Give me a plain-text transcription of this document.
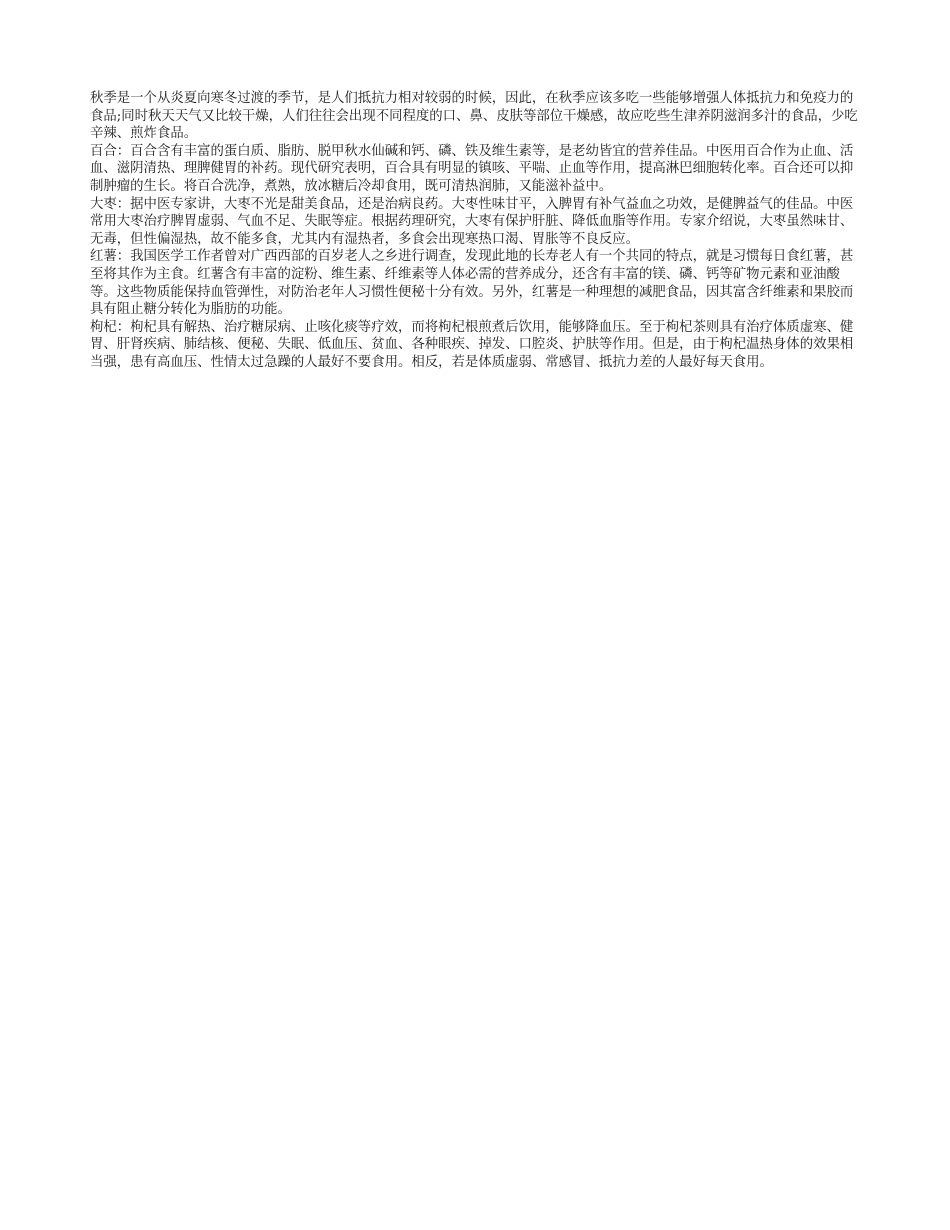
秋季是一个从炎夏向寒冬过渡的季节，是人们抵抗力相对较弱的时候，因此，在秋季应该多吃一些能够增强人体抵抗力和免疫力的食品;同时秋天天气又比较干燥，人们往往会出现不同程度的口、鼻、皮肤等部位干燥感，故应吃些生津养阴滋润多汁的食品，少吃辛辣、煎炸食品。

百合：百合含有丰富的蛋白质、脂肪、脱甲秋水仙碱和钙、磷、铁及维生素等，是老幼皆宜的营养佳品。中医用百合作为止血、活血、滋阴清热、理脾健胃的补药。现代研究表明，百合具有明显的镇咳、平喘、止血等作用，提高淋巴细胞转化率。百合还可以抑制肿瘤的生长。将百合洗净，煮熟，放冰糖后冷却食用，既可清热润肺，又能滋补益中。

大枣：据中医专家讲，大枣不光是甜美食品，还是治病良药。大枣性味甘平，入脾胃有补气益血之功效，是健脾益气的佳品。中医常用大枣治疗脾胃虚弱、气血不足、失眠等症。根据药理研究，大枣有保护肝脏、降低血脂等作用。专家介绍说，大枣虽然味甘、无毒，但性偏湿热，故不能多食，尤其内有湿热者，多食会出现寒热口渴、胃胀等不良反应。

红薯：我国医学工作者曾对广西西部的百岁老人之乡进行调查，发现此地的长寿老人有一个共同的特点，就是习惯每日食红薯，甚至将其作为主食。红薯含有丰富的淀粉、维生素、纤维素等人体必需的营养成分，还含有丰富的镁、磷、钙等矿物元素和亚油酸等。这些物质能保持血管弹性，对防治老年人习惯性便秘十分有效。另外，红薯是一种理想的减肥食品，因其富含纤维素和果胶而具有阻止糖分转化为脂肪的功能。

枸杞：枸杞具有解热、治疗糖尿病、止咳化痰等疗效，而将枸杞根煎煮后饮用，能够降血压。至于枸杞茶则具有治疗体质虚寒、健胃、肝肾疾病、肺结核、便秘、失眠、低血压、贫血、各种眼疾、掉发、口腔炎、护肤等作用。但是，由于枸杞温热身体的效果相当强，患有高血压、性情太过急躁的人最好不要食用。相反，若是体质虚弱、常感冒、抵抗力差的人最好每天食用。
